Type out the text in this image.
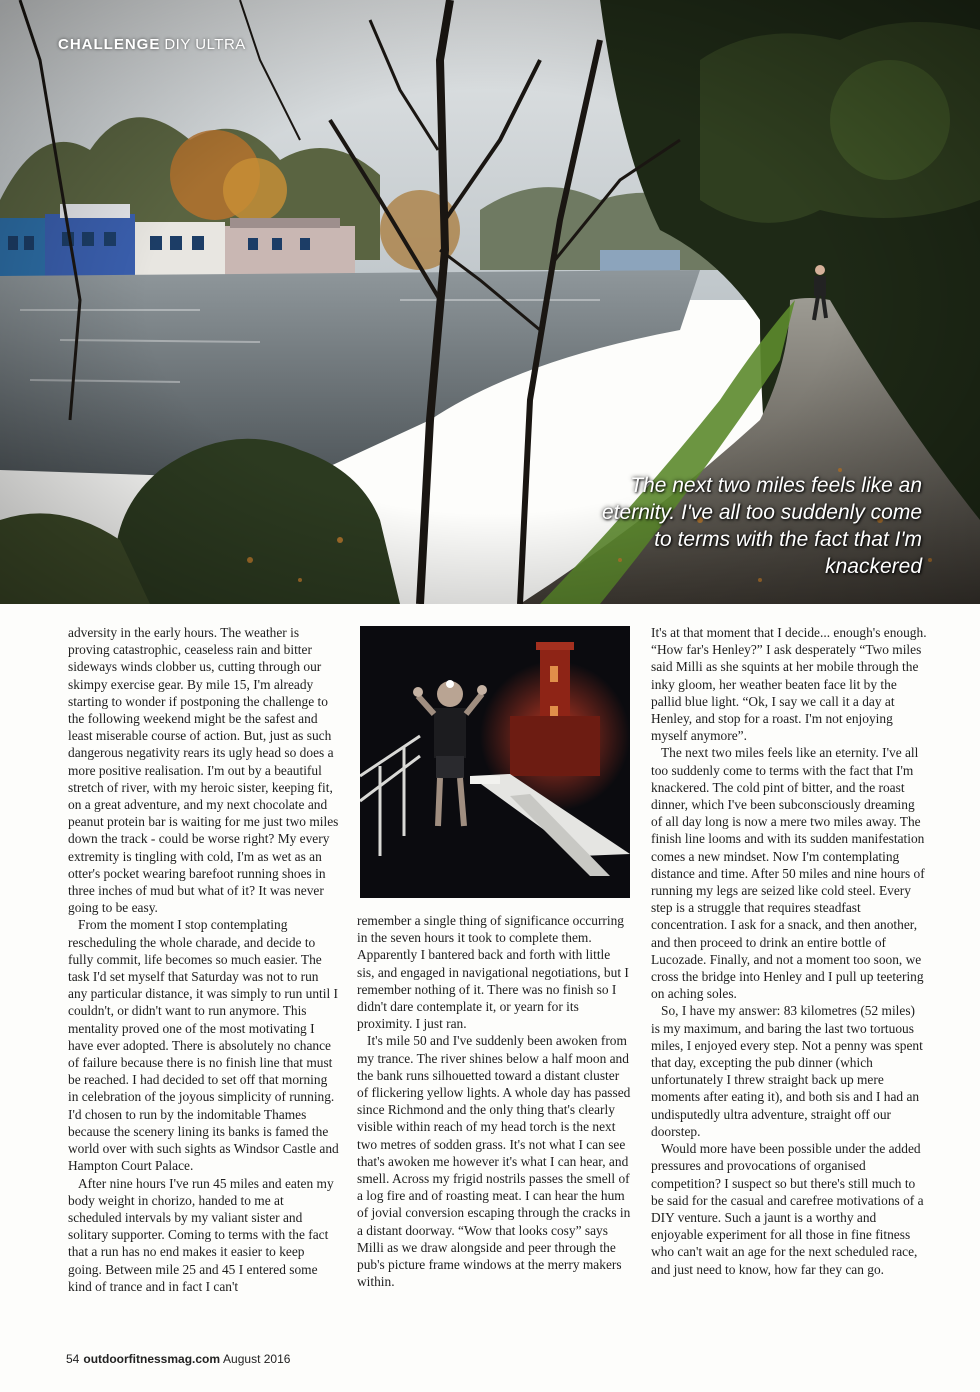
CHALLENGE DIY ULTRA
The next two miles feels like an eternity. I've all too suddenly come to terms with the fact that I'm knackered

adversity in the early hours. The weather is proving catastrophic, ceaseless rain and bitter sideways winds clobber us, cutting through our skimpy exercise gear. By mile 15, I'm already starting to wonder if postponing the challenge to the following weekend might be the safest and least miserable course of action. But, just as such dangerous negativity rears its ugly head so does a more positive realisation. I'm out by a beautiful stretch of river, with my heroic sister, keeping fit, on a great adventure, and my next chocolate and peanut protein bar is waiting for me just two miles down the track - could be worse right? My every extremity is tingling with cold, I'm as wet as an otter's pocket wearing barefoot running shoes in three inches of mud but what of it? It was never going to be easy.

From the moment I stop contemplating rescheduling the whole charade, and decide to fully commit, life becomes so much easier. The task I'd set myself that Saturday was not to run any particular distance, it was simply to run until I couldn't, or didn't want to run anymore. This mentality proved one of the most motivating I have ever adopted. There is absolutely no chance of failure because there is no finish line that must be reached. I had decided to set off that morning in celebration of the joyous simplicity of running. I'd chosen to run by the indomitable Thames because the scenery lining its banks is famed the world over with such sights as Windsor Castle and Hampton Court Palace.

After nine hours I've run 45 miles and eaten my body weight in chorizo, handed to me at scheduled intervals by my valiant sister and solitary supporter. Coming to terms with the fact that a run has no end makes it easier to keep going. Between mile 25 and 45 I entered some kind of trance and in fact I can't

remember a single thing of significance occurring in the seven hours it took to complete them. Apparently I bantered back and forth with little sis, and engaged in navigational negotiations, but I remember nothing of it. There was no finish so I didn't dare contemplate it, or yearn for its proximity. I just ran.

It's mile 50 and I've suddenly been awoken from my trance. The river shines below a half moon and the bank runs silhouetted toward a distant cluster of flickering yellow lights. A whole day has passed since Richmond and the only thing that's clearly visible within reach of my head torch is the next two metres of sodden grass. It's not what I can see that's awoken me however it's what I can hear, and smell. Across my frigid nostrils passes the smell of a log fire and of roasting meat. I can hear the hum of jovial conversion escaping through the cracks in a distant doorway. “Wow that looks cosy” says Milli as we draw alongside and peer through the pub's picture frame windows at the merry makers within.

It's at that moment that I decide... enough's enough. “How far's Henley?” I ask desperately “Two miles said Milli as she squints at her mobile through the inky gloom, her weather beaten face lit by the pallid blue light. “Ok, I say we call it a day at Henley, and stop for a roast. I'm not enjoying myself anymore”.

The next two miles feels like an eternity. I've all too suddenly come to terms with the fact that I'm knackered. The cold pint of bitter, and the roast dinner, which I've been subconsciously dreaming of all day long is now a mere two miles away. The finish line looms and with its sudden manifestation comes a new mindset. Now I'm contemplating distance and time. After 50 miles and nine hours of running my legs are seized like cold steel. Every step is a struggle that requires steadfast concentration. I ask for a snack, and then another, and then proceed to drink an entire bottle of Lucozade. Finally, and not a moment too soon, we cross the bridge into Henley and I pull up teetering on aching soles.

So, I have my answer: 83 kilometres (52 miles) is my maximum, and baring the last two tortuous miles, I enjoyed every step. Not a penny was spent that day, excepting the pub dinner (which unfortunately I threw straight back up mere moments after eating it), and both sis and I had an undisputedly ultra adventure, straight off our doorstep.

Would more have been possible under the added pressures and provocations of organised competition? I suspect so but there's still much to be said for the casual and carefree motivations of a DIY venture. Such a jaunt is a worthy and enjoyable experiment for all those in fine fitness who can't wait an age for the next scheduled race, and just need to know, how far they can go.

54 outdoorfitnessmag.com August 2016
